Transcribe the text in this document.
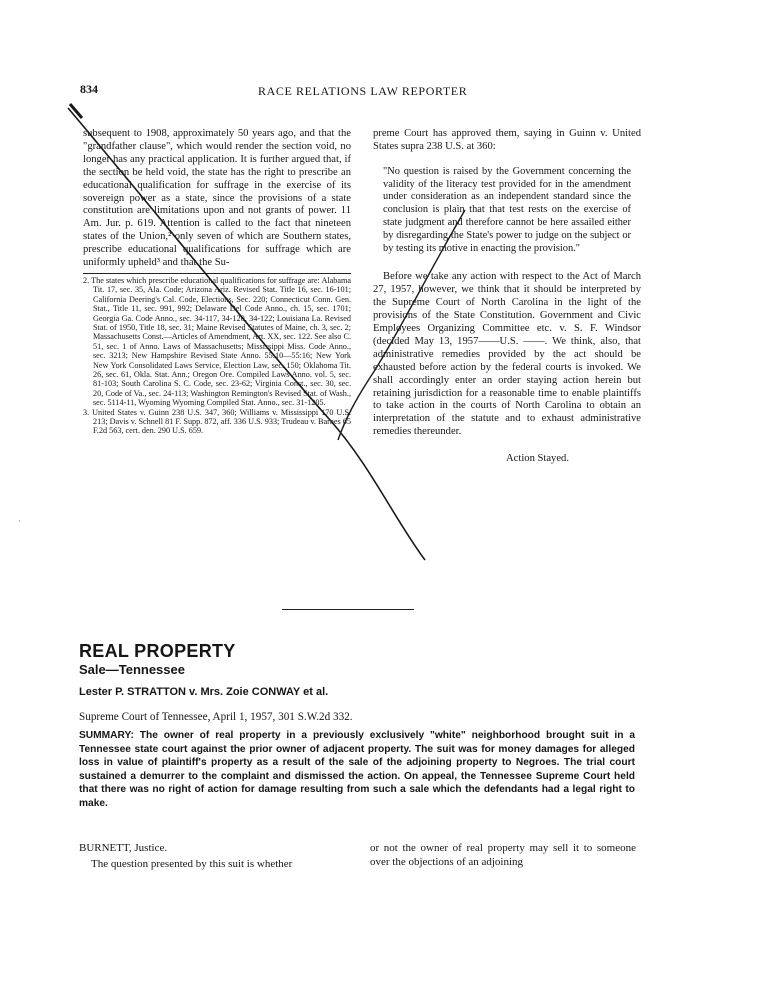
834	RACE RELATIONS LAW REPORTER

subsequent to 1908, approximately 50 years ago, and that the "grandfather clause", which would render the section void, no longer has any practical application. It is further argued that, if the section be held void, the state has the right to prescribe an educational qualification for suffrage in the exercise of its sovereign power as a state, since the provisions of a state constitution are limitations upon and not grants of power. 11 Am. Jur. p. 619. Attention is called to the fact that nineteen states of the Union,² only seven of which are Southern states, prescribe educational qualifications for suffrage which are uniformly upheld³ and that the Su-

2. The states which prescribe educational qualifications for suffrage are: Alabama Tit. 17, sec. 35, Ala. Code; Arizona Ariz. Revised Stat. Title 16, sec. 16-101; California Deering's Cal. Code, Elections, Sec. 220; Connecticut Conn. Gen. Stat., Title 11, sec. 991, 992; Delaware Del Code Anno., ch. 15, sec. 1701; Georgia Ga. Code Anno., sec. 34-117, 34-120, 34-122; Louisiana La. Revised Stat. of 1950, Title 18, sec. 31; Maine Revised Statutes of Maine, ch. 3, sec. 2; Massachusetts Const.—Articles of Amendment, Art. XX, sec. 122. See also C. 51, sec. 1 of Anno. Laws of Massachusetts; Mississippi Miss. Code Anno., sec. 3213; New Hampshire Revised State Anno. 55:10—55:16; New York New York Consolidated Laws Service, Election Law, sec. 150; Oklahoma Tit. 26, sec. 61, Okla. Stat. Ann.; Oregon Ore. Compiled Laws Anno. vol. 5, sec. 81-103; South Carolina S. C. Code, sec. 23-62; Virginia Const., sec. 30, sec. 20, Code of Va., sec. 24-113; Washington Remington's Revised Stat. of Wash., sec. 5114-11, Wyoming Wyoming Compiled Stat. Anno., sec. 31-1205.

3. United States v. Guinn 238 U.S. 347, 360; Williams v. Mississippi 170 U.S. 213; Davis v. Schnell 81 F. Supp. 872, aff. 336 U.S. 933; Trudeau v. Barnes 65 F.2d 563, cert. den. 290 U.S. 659.

preme Court has approved them, saying in Guinn v. United States supra 238 U.S. at 360:

"No question is raised by the Government concerning the validity of the literacy test provided for in the amendment under consideration as an independent standard since the conclusion is plain that that test rests on the exercise of state judgment and therefore cannot be here assailed either by disregarding the State's power to judge on the subject or by testing its motive in enacting the provision."

Before we take any action with respect to the Act of March 27, 1957, however, we think that it should be interpreted by the Supreme Court of North Carolina in the light of the provisions of the State Constitution. Government and Civic Employees Organizing Committee etc. v. S. F. Windsor (decided May 13, 1957——U.S. ——. We think, also, that administrative remedies provided by the act should be exhausted before action by the federal courts is invoked. We shall accordingly enter an order staying action herein but retaining jurisdiction for a reasonable time to enable plaintiffs to take action in the courts of North Carolina to obtain an interpretation of the statute and to exhaust administrative remedies thereunder.

Action Stayed.

REAL PROPERTY
Sale—Tennessee
Lester P. STRATTON v. Mrs. Zoie CONWAY et al.
Supreme Court of Tennessee, April 1, 1957, 301 S.W.2d 332.
SUMMARY: The owner of real property in a previously exclusively "white" neighborhood brought suit in a Tennessee state court against the prior owner of adjacent property. The suit was for money damages for alleged loss in value of plaintiff's property as a result of the sale of the adjoining property to Negroes. The trial court sustained a demurrer to the complaint and dismissed the action. On appeal, the Tennessee Supreme Court held that there was no right of action for damage resulting from such a sale which the defendants had a legal right to make.
BURNETT, Justice.
The question presented by this suit is whether
or not the owner of real property may sell it to someone over the objections of an adjoining
·
